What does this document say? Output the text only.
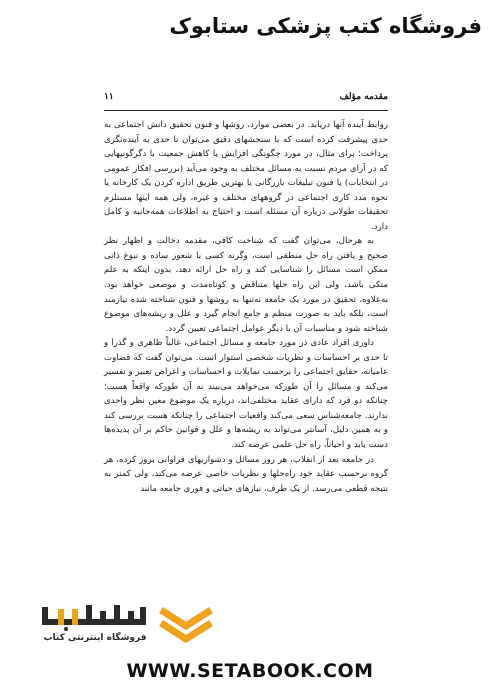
فروشگاه کتب پزشکی ستابوک
مقدمه مؤلف
۱۱

روابط آینده آنها دریابد. در بعضی موارد، روشها و فنون تحقیق دانش اجتماعی به حدی پیشرفت کرده است که با سنجشهای دقیق می‌توان تا حدی به آینده‌نگری پرداخت؛ برای مثال، در مورد چگونگی افزایش یا کاهش جمعیت یا دگرگونیهایی که در آرای مردم نسبت به مسائل مختلف به وجود می‌آید (بررسی افکار عمومی در انتخابات) یا فنون تبلیغات بازرگانی یا بهترین طریق اداره کردن یک کارخانه یا نحوه مدد کاری اجتماعی در گروههای مختلف و غیره، ولی همه اینها مستلزم تحقیقات طولانی درباره آن مسئله است و احتیاج به اطلاعات همه‌جانبه و کامل دارد.

به هرحال، می‌توان گفت که شناخت کافی، مقدمه دخالت و اظهار نظر صحیح و یافتن راه حل منطقی است، وگرنه کسی با شعور ساده و نبوغ ذاتی ممکن است مسائل را شناسایی کند و راه حل ارائه دهد، بدون اینکه به علم متکی باشد، ولی این راه حلها متناقض و کوتاه‌مدت و موضعی خواهد بود. به‌علاوه، تحقیق در مورد یک جامعه نه‌تنها به روشها و فنون شناخته شده نیازمند است، بلکه باید به صورت منظم و جامع انجام گیرد و علل و ریشه‌های موضوع شناخته شود و مناسبات آن با دیگر عوامل اجتماعی تعیین گردد.

داوری افراد عادی در مورد جامعه و مسائل اجتماعی، غالباً ظاهری و گذرا و تا حدی بر احساسات و نظریات شخصی استوار است. می‌توان گفت که قضاوت عامیانه، حقایق اجتماعی را برحسب تمایلات و احساسات و اغراض تعبیر و تفسیر می‌کند و مسائل را آن طورکه می‌خواهد می‌بیند نه آن طورکه واقعاً هست؛ چنانکه دو فرد که دارای عقاید مختلفی‌اند، درباره یک موضوع معین نظر واحدی ندارند. جامعه‌شناس سعی می‌کند واقعیات اجتماعی را چنانکه هست بررسی کند و به همین دلیل، آسانتر می‌تواند به ریشه‌ها و علل و قوانین حاکم بر آن پدیده‌ها دست یابد و احیاناً، راه حل علمی عرضه کند.

در جامعه بعد از انقلاب، هر روز مسائل و دشواریهای فراوانی بروز کرده، هر گروه برحسب عقاید خود راه‌حلها و نظریات خاصی عرضه می‌کند، ولی کمتر به نتیجه قطعی می‌رسد. از یک طرف، نیازهای حیاتی و فوری جامعه مانند

فروشگاه اینترنتی کتاب
WWW.SETABOOK.COM
